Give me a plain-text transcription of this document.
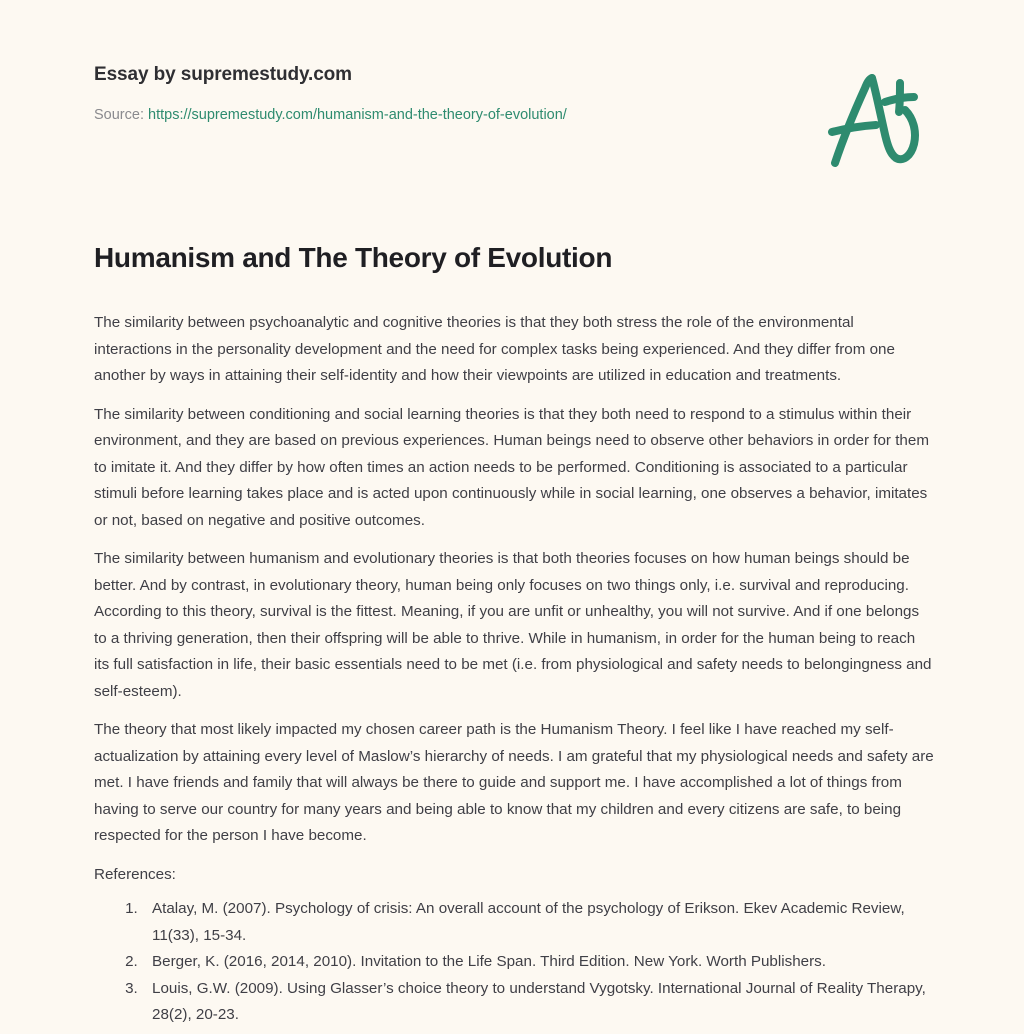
Essay by supremestudy.com
Source: https://supremestudy.com/humanism-and-the-theory-of-evolution/
Humanism and The Theory of Evolution

The similarity between psychoanalytic and cognitive theories is that they both stress the role of the environmental interactions in the personality development and the need for complex tasks being experienced. And they differ from one another by ways in attaining their self-identity and how their viewpoints are utilized in education and treatments.

The similarity between conditioning and social learning theories is that they both need to respond to a stimulus within their environment, and they are based on previous experiences. Human beings need to observe other behaviors in order for them to imitate it. And they differ by how often times an action needs to be performed. Conditioning is associated to a particular stimuli before learning takes place and is acted upon continuously while in social learning, one observes a behavior, imitates or not, based on negative and positive outcomes.

The similarity between humanism and evolutionary theories is that both theories focuses on how human beings should be better. And by contrast, in evolutionary theory, human being only focuses on two things only, i.e. survival and reproducing. According to this theory, survival is the fittest. Meaning, if you are unfit or unhealthy, you will not survive. And if one belongs to a thriving generation, then their offspring will be able to thrive. While in humanism, in order for the human being to reach its full satisfaction in life, their basic essentials need to be met (i.e. from physiological and safety needs to belongingness and self-esteem).

The theory that most likely impacted my chosen career path is the Humanism Theory. I feel like I have reached my self-actualization by attaining every level of Maslow’s hierarchy of needs. I am grateful that my physiological needs and safety are met. I have friends and family that will always be there to guide and support me. I have accomplished a lot of things from having to serve our country for many years and being able to know that my children and every citizens are safe, to being respected for the person I have become.

References:

1. Atalay, M. (2007). Psychology of crisis: An overall account of the psychology of Erikson. Ekev Academic Review, 11(33), 15-34.
2. Berger, K. (2016, 2014, 2010). Invitation to the Life Span. Third Edition. New York. Worth Publishers.
3. Louis, G.W. (2009). Using Glasser’s choice theory to understand Vygotsky. International Journal of Reality Therapy, 28(2), 20-23.
